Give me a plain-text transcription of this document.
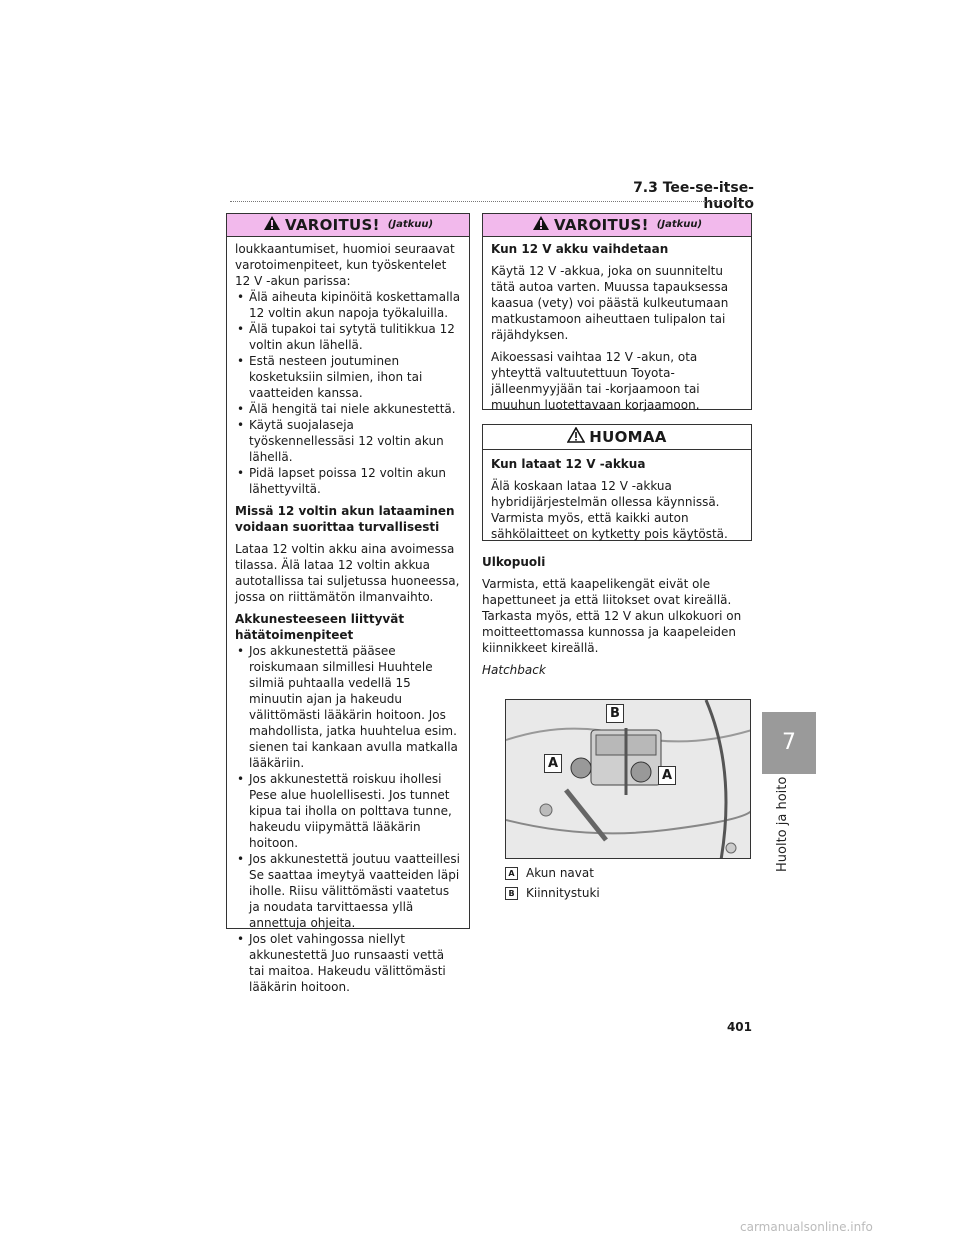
7.3 Tee-se-itse-huolto
VAROITUS! (Jatkuu)

loukkaantumiset, huomioi seuraavat varotoimenpiteet, kun työskentelet 12 V -akun parissa:

• Älä aiheuta kipinöitä koskettamalla 12 voltin akun napoja työkaluilla.
• Älä tupakoi tai sytytä tulitikkua 12 voltin akun lähellä.
• Estä nesteen joutuminen kosketuksiin silmien, ihon tai vaatteiden kanssa.
• Älä hengitä tai niele akkunestettä.
• Käytä suojalaseja työskennellessäsi 12 voltin akun lähellä.
• Pidä lapset poissa 12 voltin akun lähettyviltä.

Missä 12 voltin akun lataaminen voidaan suorittaa turvallisesti

Lataa 12 voltin akku aina avoimessa tilassa. Älä lataa 12 voltin akkua autotallissa tai suljetussa huoneessa, jossa on riittämätön ilmanvaihto.

Akkunesteeseen liittyvät hätätoimenpiteet

• Jos akkunestettä pääsee roiskumaan silmillesi Huuhtele silmiä puhtaalla vedellä 15 minuutin ajan ja hakeudu välittömästi lääkärin hoitoon. Jos mahdollista, jatka huuhtelua esim. sienen tai kankaan avulla matkalla lääkäriin.
• Jos akkunestettä roiskuu ihollesi Pese alue huolellisesti. Jos tunnet kipua tai iholla on polttava tunne, hakeudu viipymättä lääkärin hoitoon.
• Jos akkunestettä joutuu vaatteillesi Se saattaa imeytyä vaatteiden läpi iholle. Riisu välittömästi vaatetus ja noudata tarvittaessa yllä annettuja ohjeita.
• Jos olet vahingossa niellyt akkunestettä Juo runsaasti vettä tai maitoa. Hakeudu välittömästi lääkärin hoitoon.
VAROITUS! (Jatkuu)

Kun 12 V akku vaihdetaan

Käytä 12 V -akkua, joka on suunniteltu tätä autoa varten. Muussa tapauksessa kaasua (vety) voi päästä kulkeutumaan matkustamoon aiheuttaen tulipalon tai räjähdyksen.

Aikoessasi vaihtaa 12 V -akun, ota yhteyttä valtuutettuun Toyota-jälleenmyyjään tai -korjaamoon tai muuhun luotettavaan korjaamoon.

HUOMAA

Kun lataat 12 V -akkua

Älä koskaan lataa 12 V -akkua hybridijärjestelmän ollessa käynnissä. Varmista myös, että kaikki auton sähkölaitteet on kytketty pois käytöstä.

Ulkopuoli

Varmista, että kaapelikengät eivät ole hapettuneet ja että liitokset ovat kireällä. Tarkasta myös, että 12 V akun ulkokuori on moitteettomassa kunnossa ja kaapeleiden kiinnikkeet kireällä.

Hatchback

B
A
A
A Akun navat
B Kiinnitystuki
7
Huolto ja hoito
401
carmanualsonline.info
